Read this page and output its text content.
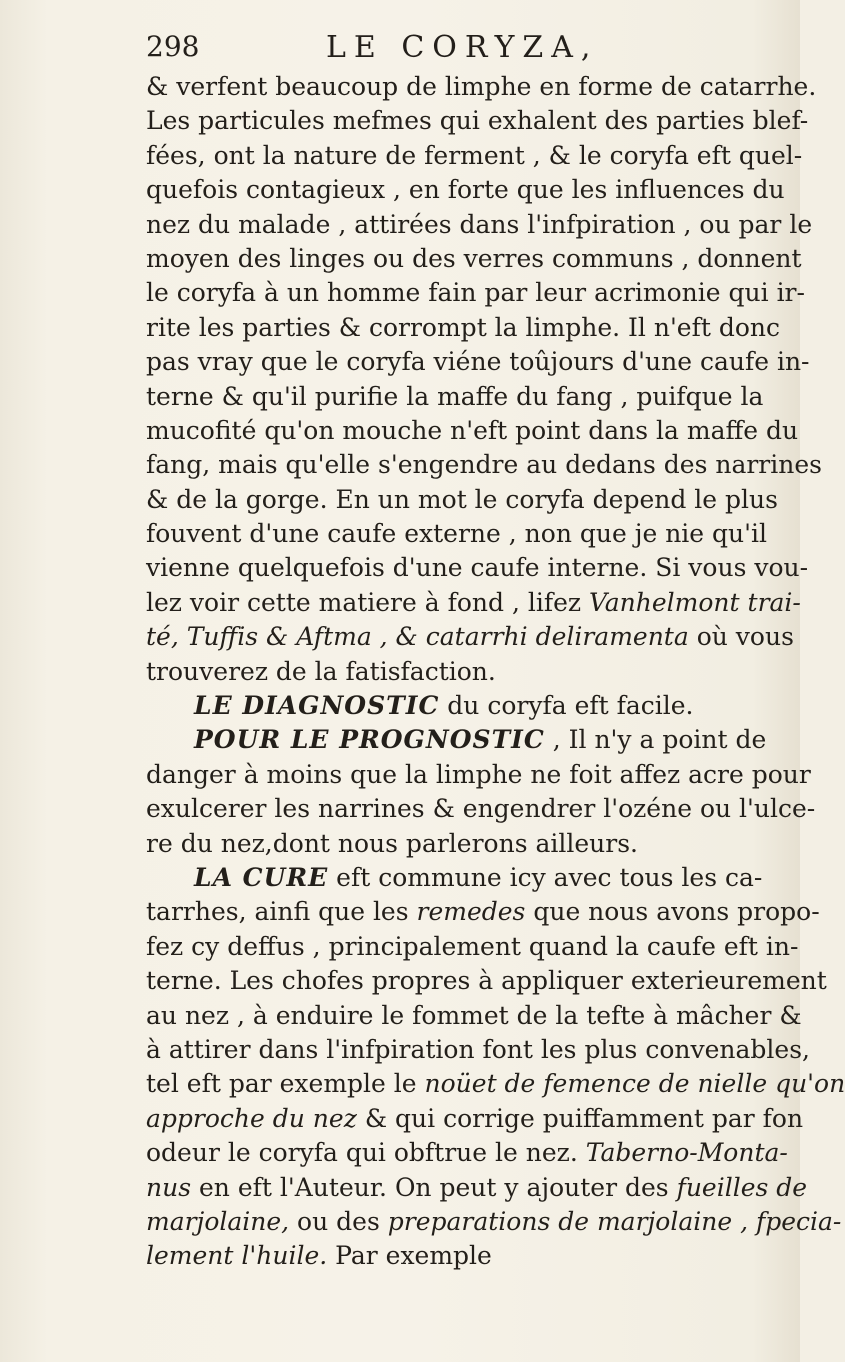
298	LE CORYZA,
& verfent beaucoup de limphe en forme de catarrhe.
Les particules mefmes qui exhalent des parties blef-
fées, ont la nature de ferment , & le coryfa eft quel-
quefois contagieux , en forte que les influences du
nez du malade , attirées dans l'infpiration , ou par le
moyen des linges ou des verres communs , donnent
le coryfa à un homme fain par leur acrimonie qui ir-
rite les parties & corrompt la limphe. Il n'eft donc
pas vray que le coryfa viéne toûjours d'une caufe in-
terne & qu'il purifie la maffe du fang , puifque la
mucofité qu'on mouche n'eft point dans la maffe du
fang, mais qu'elle s'engendre au dedans des narrines
& de la gorge. En un mot le coryfa depend le plus
fouvent d'une caufe externe , non que je nie qu'il
vienne quelquefois d'une caufe interne. Si vous vou-
lez voir cette matiere à fond , lifez Vanhelmont trai-
té, Tuffis & Aftma , & catarrhi deliramenta où vous
trouverez de la fatisfaction.
LE DIAGNOSTIC du coryfa eft facile.
POUR LE PROGNOSTIC , Il n'y a point de
danger à moins que la limphe ne foit affez acre pour
exulcerer les narrines & engendrer l'ozéne ou l'ulce-
re du nez,dont nous parlerons ailleurs.
LA CURE eft commune icy avec tous les ca-
tarrhes, ainfi que les remedes que nous avons propo-
fez cy deffus , principalement quand la caufe eft in-
terne. Les chofes propres à appliquer exterieurement
au nez , à enduire le fommet de la tefte à mâcher &
à attirer dans l'infpiration font les plus convenables,
tel eft par exemple le noüet de femence de nielle qu'on
approche du nez & qui corrige puiffamment par fon
odeur le coryfa qui obftrue le nez. Taberno-Monta-
nus en eft l'Auteur. On peut y ajouter des fueilles de
marjolaine, ou des preparations de marjolaine , fpecia-
lement l'huile. Par exemple
